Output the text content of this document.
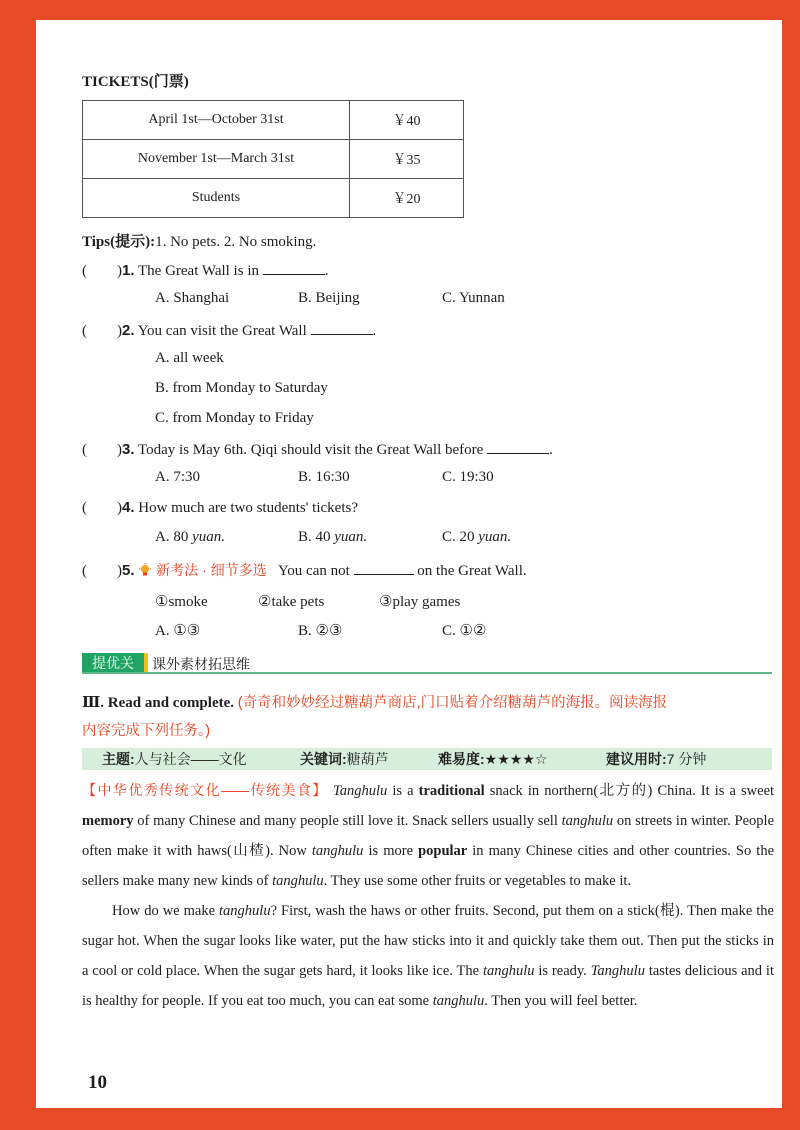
TICKETS(门票)
April 1st—October 31st	￥40
November 1st—March 31st	￥35
Students	￥20
Tips(提示):1. No pets. 2. No smoking.
(        )1. The Great Wall is in	.
A. Shanghai	B. Beijing	C. Yunnan
(        )2. You can visit the Great Wall	.
A. all week
B. from Monday to Saturday
C. from Monday to Friday
(        )3. Today is May 6th. Qiqi should visit the Great Wall before	.
A. 7:30	B. 16:30	C. 19:30
(        )4. How much are two students' tickets?
A. 80 yuan.	B. 40 yuan.	C. 20 yuan.
(        )5. 新考法 · 细节多选 You can not	on the Great Wall.
①smoke	②take pets	③play games
A. ①③	B. ②③	C. ①②
提优关	课外素材拓思维
Ⅲ. Read and complete. (奇奇和妙妙经过糖葫芦商店,门口贴着介绍糖葫芦的海报。阅读海报
内容完成下列任务。)
主题:人与社会——文化	关键词:糖葫芦	难易度:★★★★☆	建议用时:7 分钟

【中华优秀传统文化——传统美食】 Tanghulu is a traditional snack in northern(北方的) China. It is a sweet memory of many Chinese and many people still love it. Snack sellers usually sell tanghulu on streets in winter. People often make it with haws(山楂). Now tanghulu is more popular in many Chinese cities and other countries. So the sellers make many new kinds of tanghulu. They use some other fruits or vegetables to make it.

How do we make tanghulu? First, wash the haws or other fruits. Second, put them on a stick(棍). Then make the sugar hot. When the sugar looks like water, put the haw sticks into it and quickly take them out. Then put the sticks in a cool or cold place. When the sugar gets hard, it looks like ice. The tanghulu is ready. Tanghulu tastes delicious and it is healthy for people. If you eat too much, you can eat some tanghulu. Then you will feel better.

10
